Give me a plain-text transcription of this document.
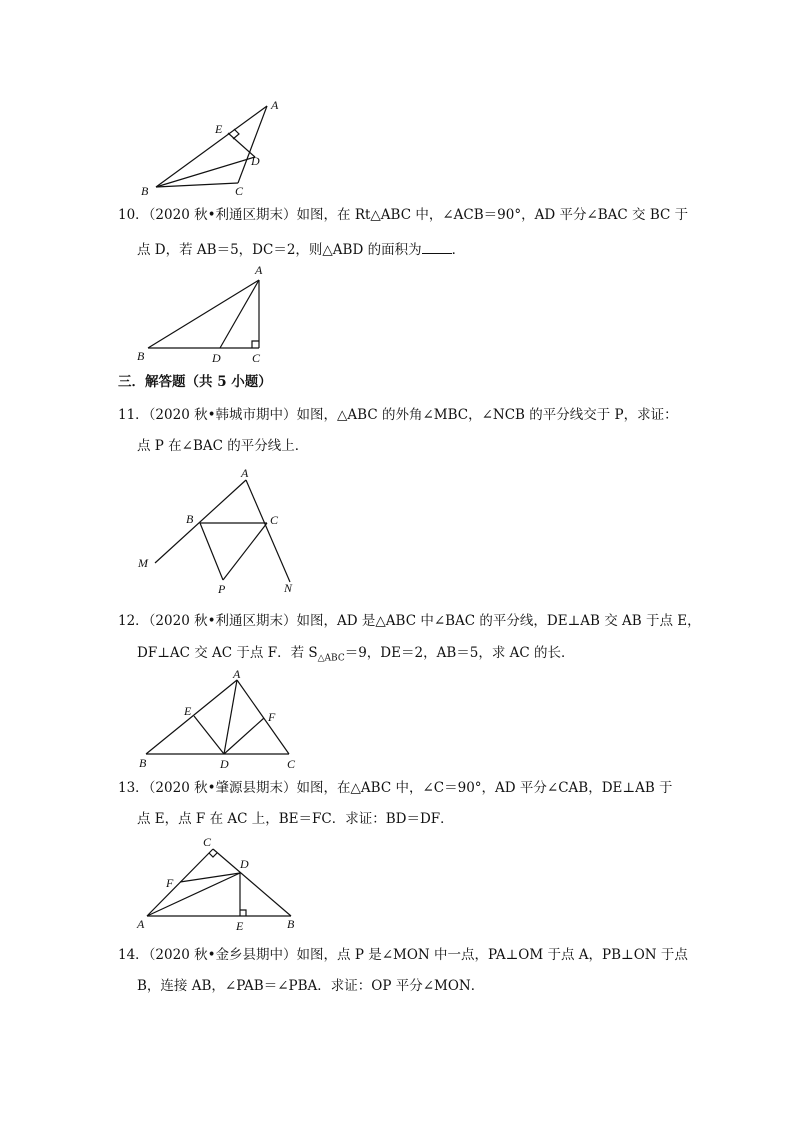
A
E
D
B	C
10．（2020 秋•利通区期末）如图，在 Rt△ABC 中，∠ACB＝90°，AD 平分∠BAC 交 BC 于
点 D，若 AB＝5，DC＝2，则△ABD 的面积为 ．
A
B	D	C
三．解答题（共 5 小题）
11．（2020 秋•韩城市期中）如图，△ABC 的外角∠MBC，∠NCB 的平分线交于 P，求证：
点 P 在∠BAC 的平分线上．
A
B	C
M
P	N
12．（2020 秋•利通区期末）如图，AD 是△ABC 中∠BAC 的平分线，DE⊥AB 交 AB 于点 E，
DF⊥AC 交 AC 于点 F．若 $S_{\triangle ABC}=9$，DE＝2，AB＝5，求 AC 的长．
A
E	F
B	D	C
13．（2020 秋•肇源县期末）如图，在△ABC 中，∠C＝90°，AD 平分∠CAB，DE⊥AB 于
点 E，点 F 在 AC 上，BE＝FC．求证：BD＝DF．
C
D
F
A	E	B
14．（2020 秋•金乡县期中）如图，点 P 是∠MON 中一点，PA⊥OM 于点 A，PB⊥ON 于点
B，连接 AB，∠PAB＝∠PBA．求证：OP 平分∠MON．
